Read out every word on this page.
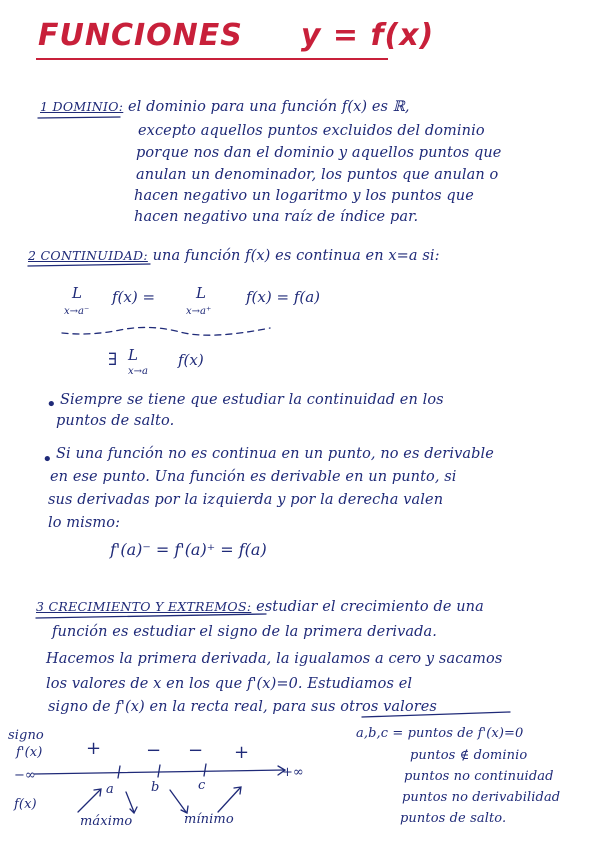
FUNCIONES y = f(x)
1 DOMINIO: el dominio para una función f(x) es ℝ,
excepto aquellos puntos excluidos del dominio
porque nos dan el dominio y aquellos puntos que
anulan un denominador, los puntos que anulan o
hacen negativo un logaritmo y los puntos que
hacen negativo una raíz de índice par.
2 CONTINUIDAD: una función f(x) es continua en x=a si:
L
x→a⁻
f(x) =	L
x→a⁺
f(x) = f(a)
∃ L
x→a
f(x)
• Siempre se tiene que estudiar la continuidad en los
puntos de salto.
• Si una función no es continua en un punto, no es derivable
en ese punto. Una función es derivable en un punto, si
sus derivadas por la izquierda y por la derecha valen
lo mismo:
f'(a)⁻ = f'(a)⁺ = f(a)
3 CRECIMIENTO Y EXTREMOS: estudiar el crecimiento de una
función es estudiar el signo de la primera derivada.
Hacemos la primera derivada, la igualamos a cero y sacamos
los valores de x en los que f'(x)=0. Estudiamos el
signo de f'(x) en la recta real, para sus otros valores
signo
f'(x) + − − +
−∞	+∞
a	b	c
f(x)
máximo	mínimo
a,b,c = puntos de f'(x)=0
puntos ∉ dominio
puntos no continuidad
puntos no derivabilidad
puntos de salto.
